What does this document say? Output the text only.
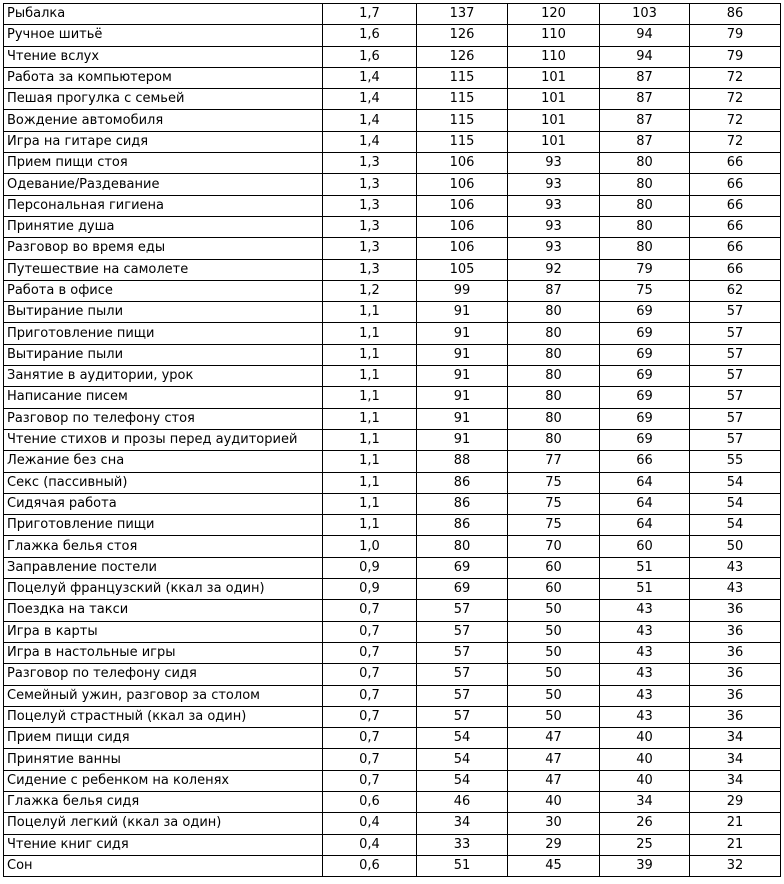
Рыбалка	1,7	137	120	103	86
Ручное шитьё	1,6	126	110	94	79
Чтение вслух	1,6	126	110	94	79
Работа за компьютером	1,4	115	101	87	72
Пешая прогулка с семьей	1,4	115	101	87	72
Вождение автомобиля	1,4	115	101	87	72
Игра на гитаре сидя	1,4	115	101	87	72
Прием пищи стоя	1,3	106	93	80	66
Одевание/Раздевание	1,3	106	93	80	66
Персональная гигиена	1,3	106	93	80	66
Принятие душа	1,3	106	93	80	66
Разговор во время еды	1,3	106	93	80	66
Путешествие на самолете	1,3	105	92	79	66
Работа в офисе	1,2	99	87	75	62
Вытирание пыли	1,1	91	80	69	57
Приготовление пищи	1,1	91	80	69	57
Вытирание пыли	1,1	91	80	69	57
Занятие в аудитории, урок	1,1	91	80	69	57
Написание писем	1,1	91	80	69	57
Разговор по телефону стоя	1,1	91	80	69	57
Чтение стихов и прозы перед аудиторией	1,1	91	80	69	57
Лежание без сна	1,1	88	77	66	55
Секс (пассивный)	1,1	86	75	64	54
Сидячая работа	1,1	86	75	64	54
Приготовление пищи	1,1	86	75	64	54
Глажка белья стоя	1,0	80	70	60	50
Заправление постели	0,9	69	60	51	43
Поцелуй французский (ккал за один)	0,9	69	60	51	43
Поездка на такси	0,7	57	50	43	36
Игра в карты	0,7	57	50	43	36
Игра в настольные игры	0,7	57	50	43	36
Разговор по телефону сидя	0,7	57	50	43	36
Семейный ужин, разговор за столом	0,7	57	50	43	36
Поцелуй страстный (ккал за один)	0,7	57	50	43	36
Прием пищи сидя	0,7	54	47	40	34
Принятие ванны	0,7	54	47	40	34
Сидение с ребенком на коленях	0,7	54	47	40	34
Глажка белья сидя	0,6	46	40	34	29
Поцелуй легкий (ккал за один)	0,4	34	30	26	21
Чтение книг сидя	0,4	33	29	25	21
Сон	0,6	51	45	39	32
